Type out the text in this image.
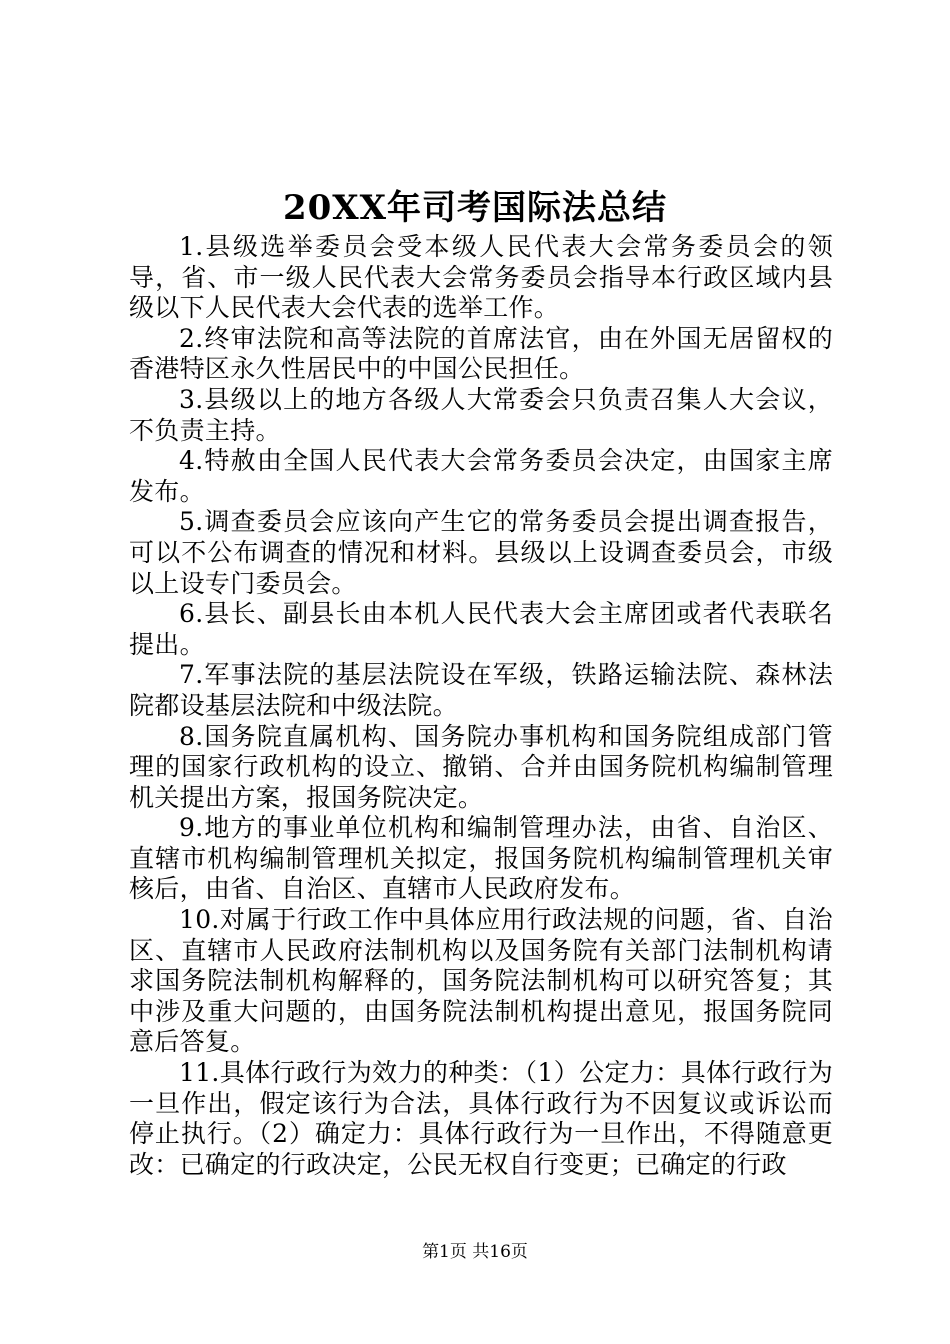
20XX年司考国际法总结

1.县级选举委员会受本级人民代表大会常务委员会的领导，省、市一级人民代表大会常务委员会指导本行政区域内县级以下人民代表大会代表的选举工作。

2.终审法院和高等法院的首席法官，由在外国无居留权的香港特区永久性居民中的中国公民担任。

3.县级以上的地方各级人大常委会只负责召集人大会议，不负责主持。

4.特赦由全国人民代表大会常务委员会决定，由国家主席发布。

5.调查委员会应该向产生它的常务委员会提出调查报告，可以不公布调查的情况和材料。县级以上设调查委员会，市级以上设专门委员会。

6.县长、副县长由本机人民代表大会主席团或者代表联名提出。

7.军事法院的基层法院设在军级，铁路运输法院、森林法院都设基层法院和中级法院。

8.国务院直属机构、国务院办事机构和国务院组成部门管理的国家行政机构的设立、撤销、合并由国务院机构编制管理机关提出方案，报国务院决定。

9.地方的事业单位机构和编制管理办法，由省、自治区、直辖市机构编制管理机关拟定，报国务院机构编制管理机关审核后，由省、自治区、直辖市人民政府发布。

10.对属于行政工作中具体应用行政法规的问题，省、自治区、直辖市人民政府法制机构以及国务院有关部门法制机构请求国务院法制机构解释的，国务院法制机构可以研究答复；其中涉及重大问题的，由国务院法制机构提出意见，报国务院同意后答复。

11.具体行政行为效力的种类：（1）公定力：具体行政行为一旦作出，假定该行为合法，具体行政行为不因复议或诉讼而停止执行。（2）确定力：具体行政行为一旦作出，不得随意更改：已确定的行政决定，公民无权自行变更；已确定的行政

第1页 共16页
